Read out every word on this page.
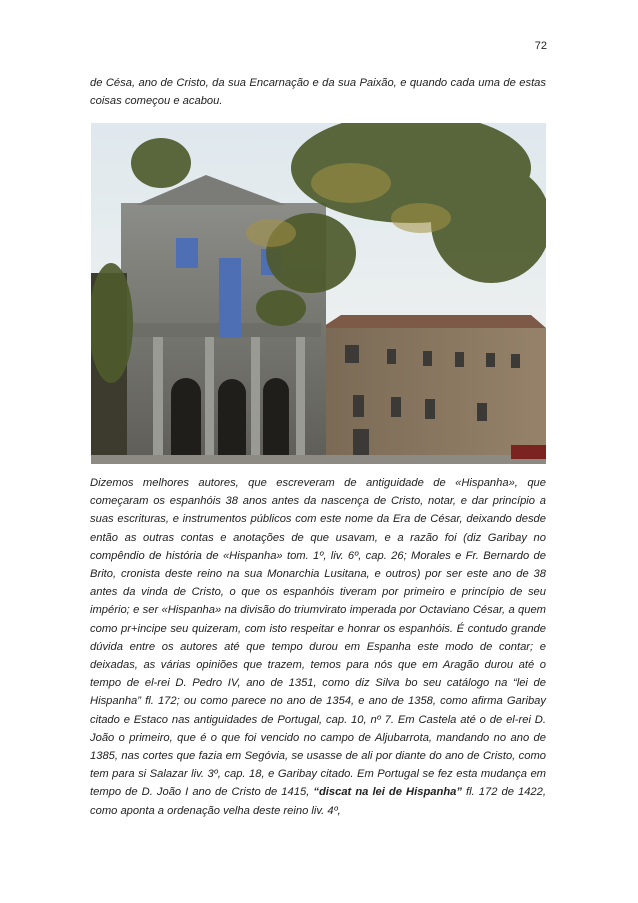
72

de Césa, ano de Cristo, da sua Encarnação e da sua Paixão, e quando cada uma de estas coisas começou e acabou.

Dizemos melhores autores, que escreveram de antiguidade de «Hispanha», que começaram os espanhóis 38 anos antes da nascença de Cristo, notar, e dar princípio a suas escrituras, e instrumentos públicos com este nome da Era de César, deixando desde então as outras contas e anotações de que usavam, e a razão foi (diz Garibay no compêndio de história de «Hispanha» tom. 1º, liv. 6º, cap. 26; Morales e Fr. Bernardo de Brito, cronista deste reino na sua Monarchia Lusitana, e outros) por ser este ano de 38 antes da vinda de Cristo, o que os espanhóis tiveram por primeiro e princípio de seu império; e ser «Hispanha» na divisão do triumvirato imperada por Octaviano César, a quem como pr+incipe seu quizeram, com isto respeitar e honrar os espanhóis. É contudo grande dúvida entre os autores até que tempo durou em Espanha este modo de contar; e deixadas, as várias opiniões que trazem, temos para nós que em Aragão durou até o tempo de el-rei D. Pedro IV, ano de 1351, como diz Silva bo seu catálogo na “lei de Hispanha” fl. 172; ou como parece no ano de 1354, e ano de 1358, como afirma Garibay citado e Estaco nas antiguidades de Portugal, cap. 10, nº 7. Em Castela até o de el-rei D. João o primeiro, que é o que foi vencido no campo de Aljubarrota, mandando no ano de 1385, nas cortes que fazia em Segóvia, se usasse de ali por diante do ano de Cristo, como tem para si Salazar liv. 3º, cap. 18, e Garibay citado. Em Portugal se fez esta mudança em tempo de D. João I ano de Cristo de 1415, “discat na lei de Hispanha” fl. 172 de 1422, como aponta a ordenação velha deste reino liv. 4º,
